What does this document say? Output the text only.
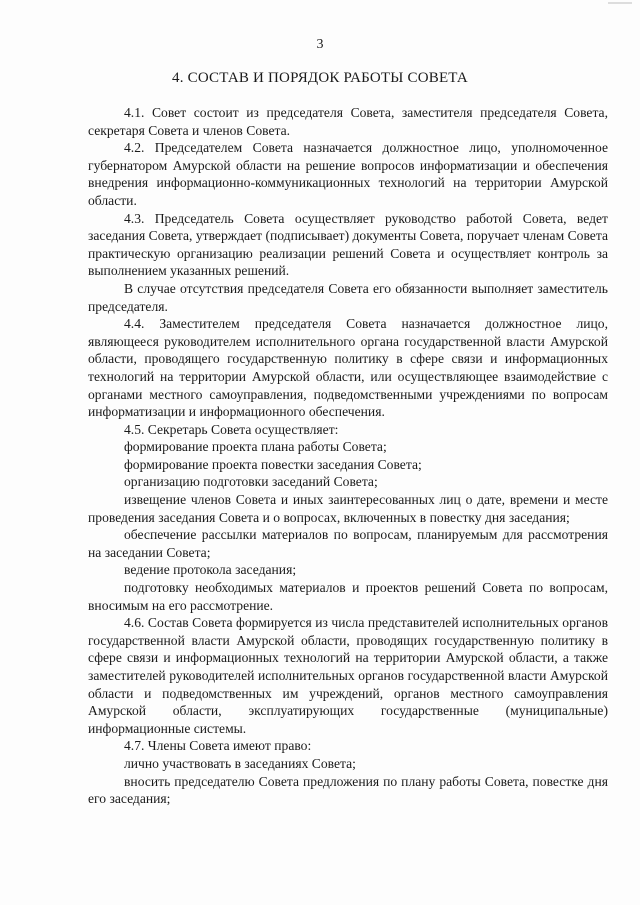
3
4. СОСТАВ И ПОРЯДОК РАБОТЫ СОВЕТА

4.1. Совет состоит из председателя Совета, заместителя председателя Совета, секретаря Совета и членов Совета.

4.2. Председателем Совета назначается должностное лицо, уполномоченное губернатором Амурской области на решение вопросов информатизации и обеспечения внедрения информационно-коммуникационных технологий на территории Амурской области.

4.3. Председатель Совета осуществляет руководство работой Совета, ведет заседания Совета, утверждает (подписывает) документы Совета, поручает членам Совета практическую организацию реализации решений Совета и осуществляет контроль за выполнением указанных решений.

В случае отсутствия председателя Совета его обязанности выполняет заместитель председателя.

4.4. Заместителем председателя Совета назначается должностное лицо, являющееся руководителем исполнительного органа государственной власти Амурской области, проводящего государственную политику в сфере связи и информационных технологий на территории Амурской области, или осуществляющее взаимодействие с органами местного самоуправления, подведомственными учреждениями по вопросам информатизации и информационного обеспечения.

4.5. Секретарь Совета осуществляет:

формирование проекта плана работы Совета;

формирование проекта повестки заседания Совета;

организацию подготовки заседаний Совета;

извещение членов Совета и иных заинтересованных лиц о дате, времени и месте проведения заседания Совета и о вопросах, включенных в повестку дня заседания;

обеспечение рассылки материалов по вопросам, планируемым для рассмотрения на заседании Совета;

ведение протокола заседания;

подготовку необходимых материалов и проектов решений Совета по вопросам, вносимым на его рассмотрение.

4.6. Состав Совета формируется из числа представителей исполнительных органов государственной власти Амурской области, проводящих государственную политику в сфере связи и информационных технологий на территории Амурской области, а также заместителей руководителей исполнительных органов государственной власти Амурской области и подведомственных им учреждений, органов местного самоуправления Амурской области, эксплуатирующих государственные (муниципальные) информационные системы.

4.7. Члены Совета имеют право:

лично участвовать в заседаниях Совета;

вносить председателю Совета предложения по плану работы Совета, повестке дня его заседания;
